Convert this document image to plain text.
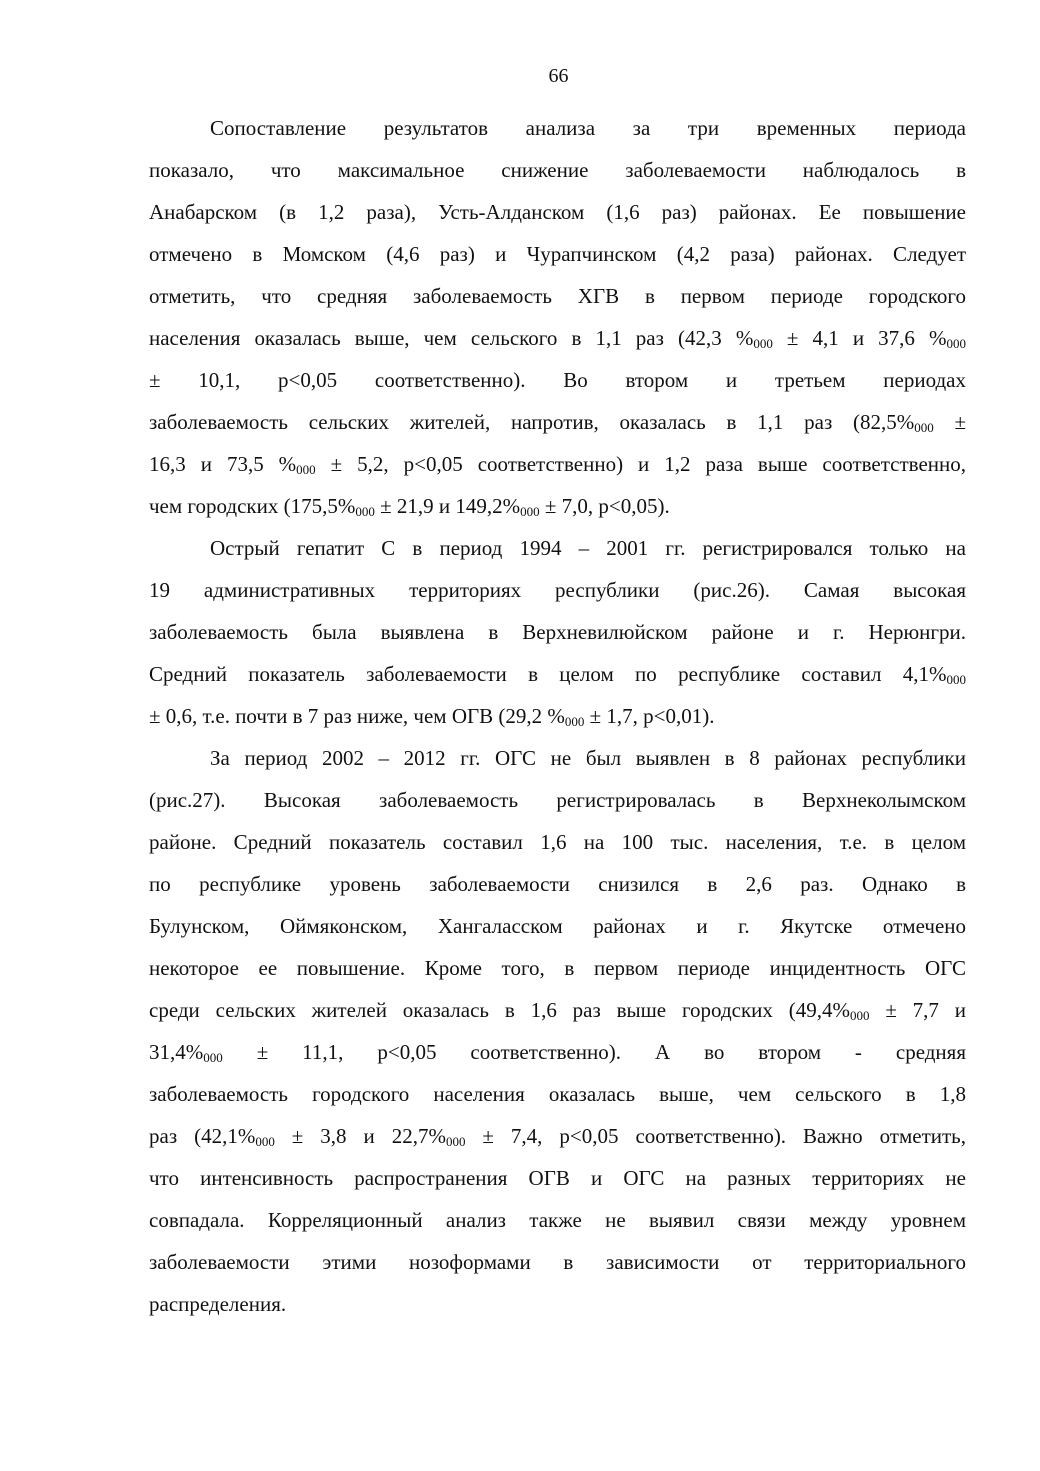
66
Сопоставление результатов анализа за три временных периода
показало, что максимальное снижение заболеваемости наблюдалось в
Анабарском (в 1,2 раза), Усть-Алданском (1,6 раз) районах. Ее повышение
отмечено в Момском (4,6 раз) и Чурапчинском (4,2 раза) районах. Следует
отметить, что средняя заболеваемость ХГВ в первом периоде городского
населения оказалась выше, чем сельского в 1,1 раз (42,3 $\%_{000} \pm 4,1$ и 37,6 $\%_{000}$
± 10,1, р<0,05 соответственно). Во втором и третьем периодах
заболеваемость сельских жителей, напротив, оказалась в 1,1 раз ($82,5\%_{000}$ ±
16,3 и 73,5 $\%_{000} \pm 5,2$, р<0,05 соответственно) и 1,2 раза выше соответственно,
чем городских ($175,5\%_{000} \pm 21,9$ и $149,2\%_{000} \pm 7,0$, р<0,05).
Острый гепатит С в период 1994 – 2001 гг. регистрировался только на
19 административных территориях республики (рис.26). Самая высокая
заболеваемость была выявлена в Верхневилюйском районе и г. Нерюнгри.
Средний показатель заболеваемости в целом по республике составил $4,1\%_{000}$
± 0,6, т.е. почти в 7 раз ниже, чем ОГВ (29,2 $\%_{000} \pm 1,7$, р<0,01).
За период 2002 – 2012 гг. ОГС не был выявлен в 8 районах республики
(рис.27). Высокая заболеваемость регистрировалась в Верхнеколымском
районе. Средний показатель составил 1,6 на 100 тыс. населения, т.е. в целом
по республике уровень заболеваемости снизился в 2,6 раз. Однако в
Булунском, Оймяконском, Хангаласском районах и г. Якутске отмечено
некоторое ее повышение. Кроме того, в первом периоде инцидентность ОГС
среди сельских жителей оказалась в 1,6 раз выше городских ($49,4\%_{000} \pm 7,7$ и
$31,4\%_{000} \pm 11,1$, р<0,05 соответственно). А во втором - средняя
заболеваемость городского населения оказалась выше, чем сельского в 1,8
раз ($42,1\%_{000} \pm 3,8$ и $22,7\%_{000} \pm 7,4$, р<0,05 соответственно). Важно отметить,
что интенсивность распространения ОГВ и ОГС на разных территориях не
совпадала. Корреляционный анализ также не выявил связи между уровнем
заболеваемости этими нозоформами в зависимости от территориального
распределения.
